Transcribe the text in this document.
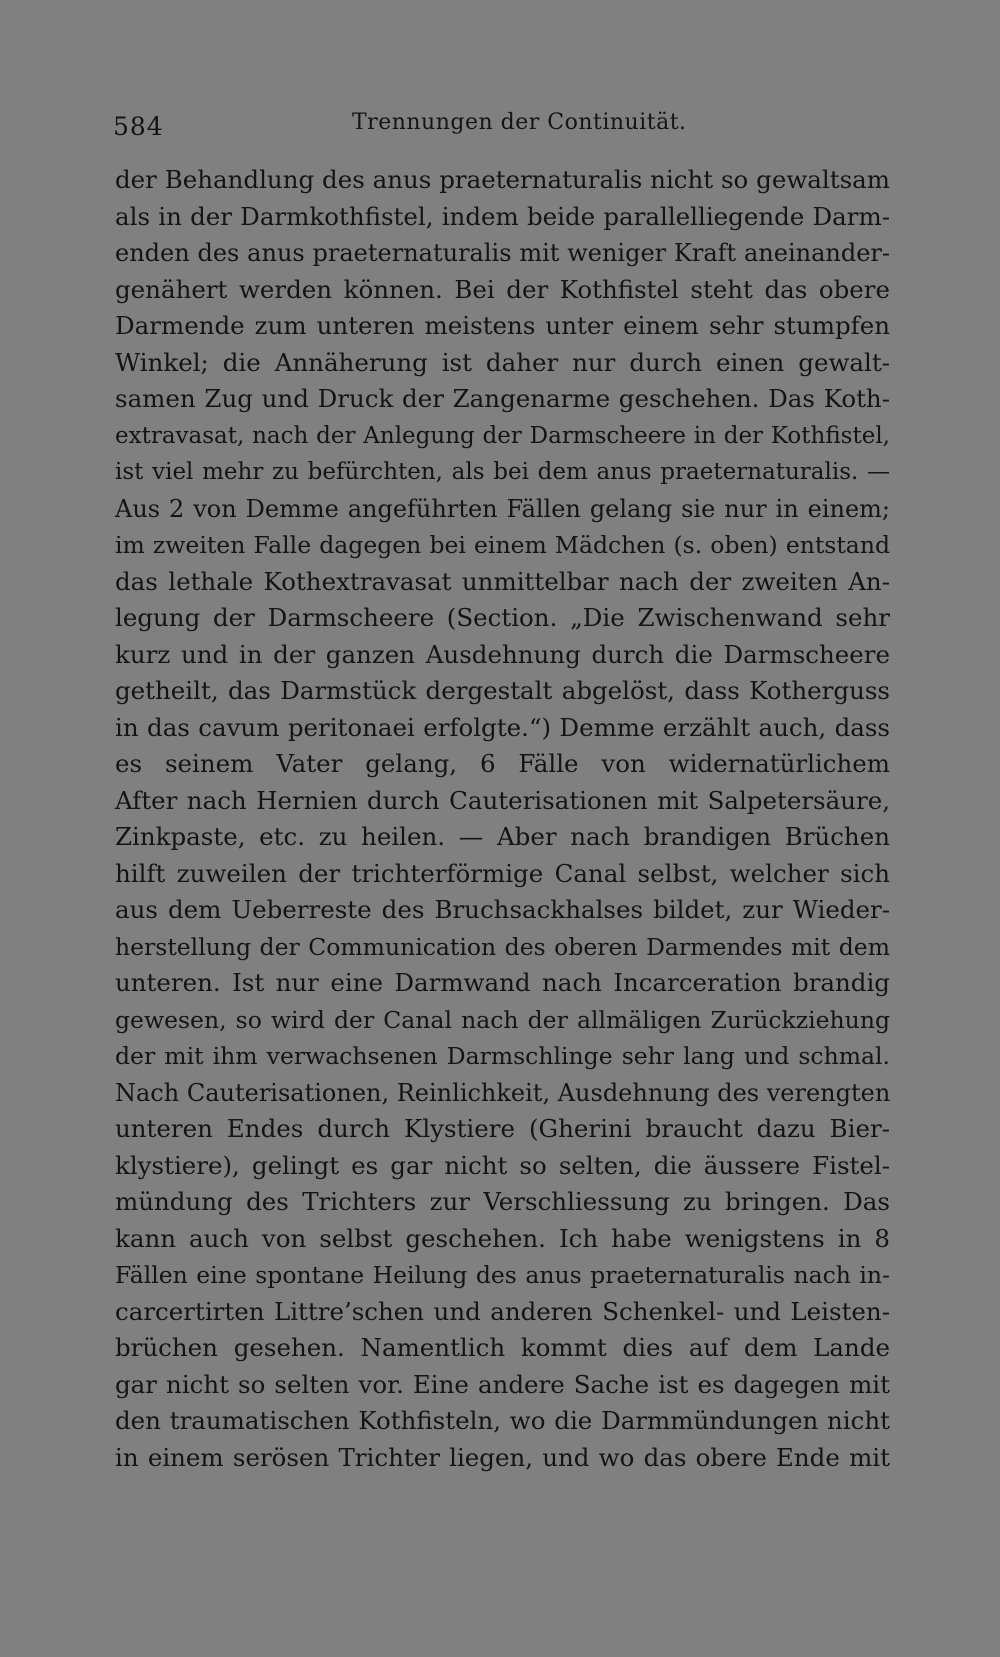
584	Trennungen der Continuität.
der Behandlung des anus praeternaturalis nicht so gewaltsam
als in der Darmkothfistel, indem beide parallelliegende Darm-
enden des anus praeternaturalis mit weniger Kraft aneinander-
genähert werden können. Bei der Kothfistel steht das obere
Darmende zum unteren meistens unter einem sehr stumpfen
Winkel; die Annäherung ist daher nur durch einen gewalt-
samen Zug und Druck der Zangenarme geschehen. Das Koth-
extravasat, nach der Anlegung der Darmscheere in der Kothfistel,
ist viel mehr zu befürchten, als bei dem anus praeternaturalis. —
Aus 2 von Demme angeführten Fällen gelang sie nur in einem;
im zweiten Falle dagegen bei einem Mädchen (s. oben) entstand
das lethale Kothextravasat unmittelbar nach der zweiten An-
legung der Darmscheere (Section. „Die Zwischenwand sehr
kurz und in der ganzen Ausdehnung durch die Darmscheere
getheilt, das Darmstück dergestalt abgelöst, dass Kotherguss
in das cavum peritonaei erfolgte.“) Demme erzählt auch, dass
es seinem Vater gelang, 6 Fälle von widernatürlichem
After nach Hernien durch Cauterisationen mit Salpetersäure,
Zinkpaste, etc. zu heilen. — Aber nach brandigen Brüchen
hilft zuweilen der trichterförmige Canal selbst, welcher sich
aus dem Ueberreste des Bruchsackhalses bildet, zur Wieder-
herstellung der Communication des oberen Darmendes mit dem
unteren. Ist nur eine Darmwand nach Incarceration brandig
gewesen, so wird der Canal nach der allmäligen Zurückziehung
der mit ihm verwachsenen Darmschlinge sehr lang und schmal.
Nach Cauterisationen, Reinlichkeit, Ausdehnung des verengten
unteren Endes durch Klystiere (Gherini braucht dazu Bier-
klystiere), gelingt es gar nicht so selten, die äussere Fistel-
mündung des Trichters zur Verschliessung zu bringen. Das
kann auch von selbst geschehen. Ich habe wenigstens in 8
Fällen eine spontane Heilung des anus praeternaturalis nach in-
carcertirten Littre’schen und anderen Schenkel- und Leisten-
brüchen gesehen. Namentlich kommt dies auf dem Lande
gar nicht so selten vor. Eine andere Sache ist es dagegen mit
den traumatischen Kothfisteln, wo die Darmmündungen nicht
in einem serösen Trichter liegen, und wo das obere Ende mit
